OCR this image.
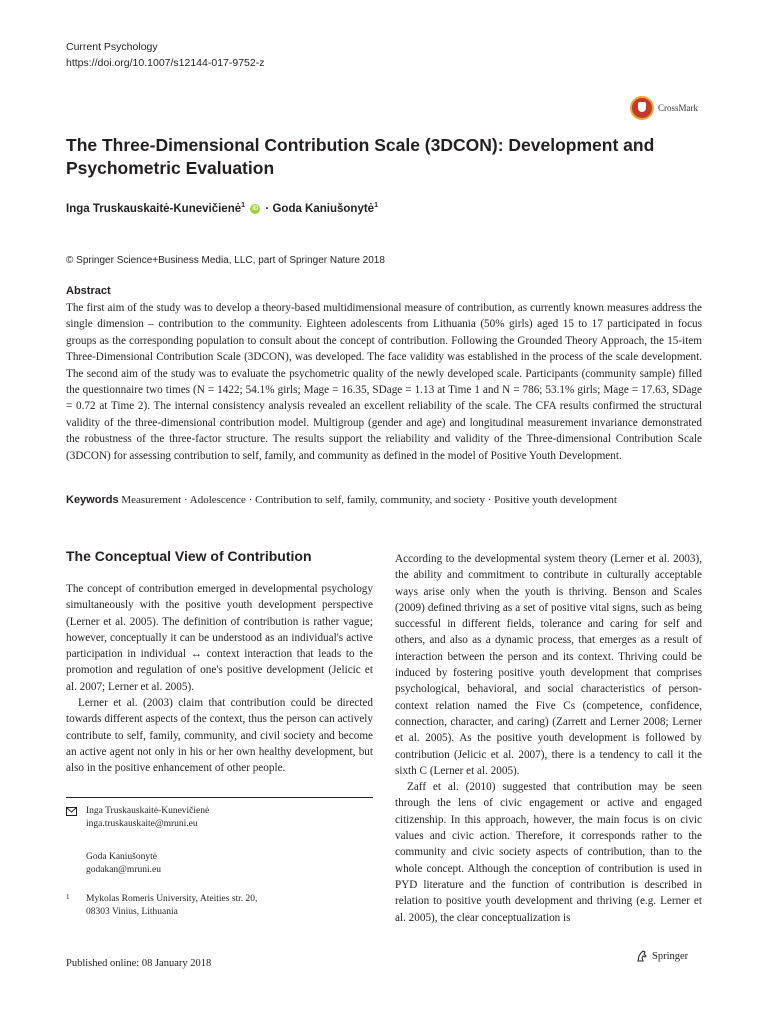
Current Psychology
https://doi.org/10.1007/s12144-017-9752-z
CrossMark
The Three-Dimensional Contribution Scale (3DCON): Development and Psychometric Evaluation
Inga Truskauskaitė-Kunevičienė$^1$ iD · Goda Kaniušonytė$^1$
© Springer Science+Business Media, LLC, part of Springer Nature 2018
Abstract
The first aim of the study was to develop a theory-based multidimensional measure of contribution, as currently known measures address the single dimension – contribution to the community. Eighteen adolescents from Lithuania (50% girls) aged 15 to 17 participated in focus groups as the corresponding population to consult about the concept of contribution. Following the Grounded Theory Approach, the 15-item Three-Dimensional Contribution Scale (3DCON), was developed. The face validity was established in the process of the scale development. The second aim of the study was to evaluate the psychometric quality of the newly developed scale. Participants (community sample) filled the questionnaire two times (N = 1422; 54.1% girls; Mage = 16.35, SDage = 1.13 at Time 1 and N = 786; 53.1% girls; Mage = 17.63, SDage = 0.72 at Time 2). The internal consistency analysis revealed an excellent reliability of the scale. The CFA results confirmed the structural validity of the three-dimensional contribution model. Multigroup (gender and age) and longitudinal measurement invariance demonstrated the robustness of the three-factor structure. The results support the reliability and validity of the Three-dimensional Contribution Scale (3DCON) for assessing contribution to self, family, and community as defined in the model of Positive Youth Development.
Keywords Measurement · Adolescence · Contribution to self, family, community, and society · Positive youth development
The Conceptual View of Contribution

The concept of contribution emerged in developmental psychology simultaneously with the positive youth development perspective (Lerner et al. 2005). The definition of contribution is rather vague; however, conceptually it can be understood as an individual's active participation in individual ↔ context interaction that leads to the promotion and regulation of one's positive development (Jelicic et al. 2007; Lerner et al. 2005).

Lerner et al. (2003) claim that contribution could be directed towards different aspects of the context, thus the person can actively contribute to self, family, community, and civil society and become an active agent not only in his or her own healthy development, but also in the positive enhancement of other people.

Inga Truskauskaitė-Kunevičienė
inga.truskauskaite@mruni.eu
Goda Kaniušonytė
godakan@mruni.eu
1 Mykolas Romeris University, Ateities str. 20,
08303 Vinius, Lithuania

According to the developmental system theory (Lerner et al. 2003), the ability and commitment to contribute in culturally acceptable ways arise only when the youth is thriving. Benson and Scales (2009) defined thriving as a set of positive vital signs, such as being successful in different fields, tolerance and caring for self and others, and also as a dynamic process, that emerges as a result of interaction between the person and its context. Thriving could be induced by fostering positive youth development that comprises psychological, behavioral, and social characteristics of person-context relation named the Five Cs (competence, confidence, connection, character, and caring) (Zarrett and Lerner 2008; Lerner et al. 2005). As the positive youth development is followed by contribution (Jelicic et al. 2007), there is a tendency to call it the sixth C (Lerner et al. 2005).

Zaff et al. (2010) suggested that contribution may be seen through the lens of civic engagement or active and engaged citizenship. In this approach, however, the main focus is on civic values and civic action. Therefore, it corresponds rather to the community and civic society aspects of contribution, than to the whole concept. Although the conception of contribution is used in PYD literature and the function of contribution is described in relation to positive youth development and thriving (e.g. Lerner et al. 2005), the clear conceptualization is

Published online: 08 January 2018
Springer
